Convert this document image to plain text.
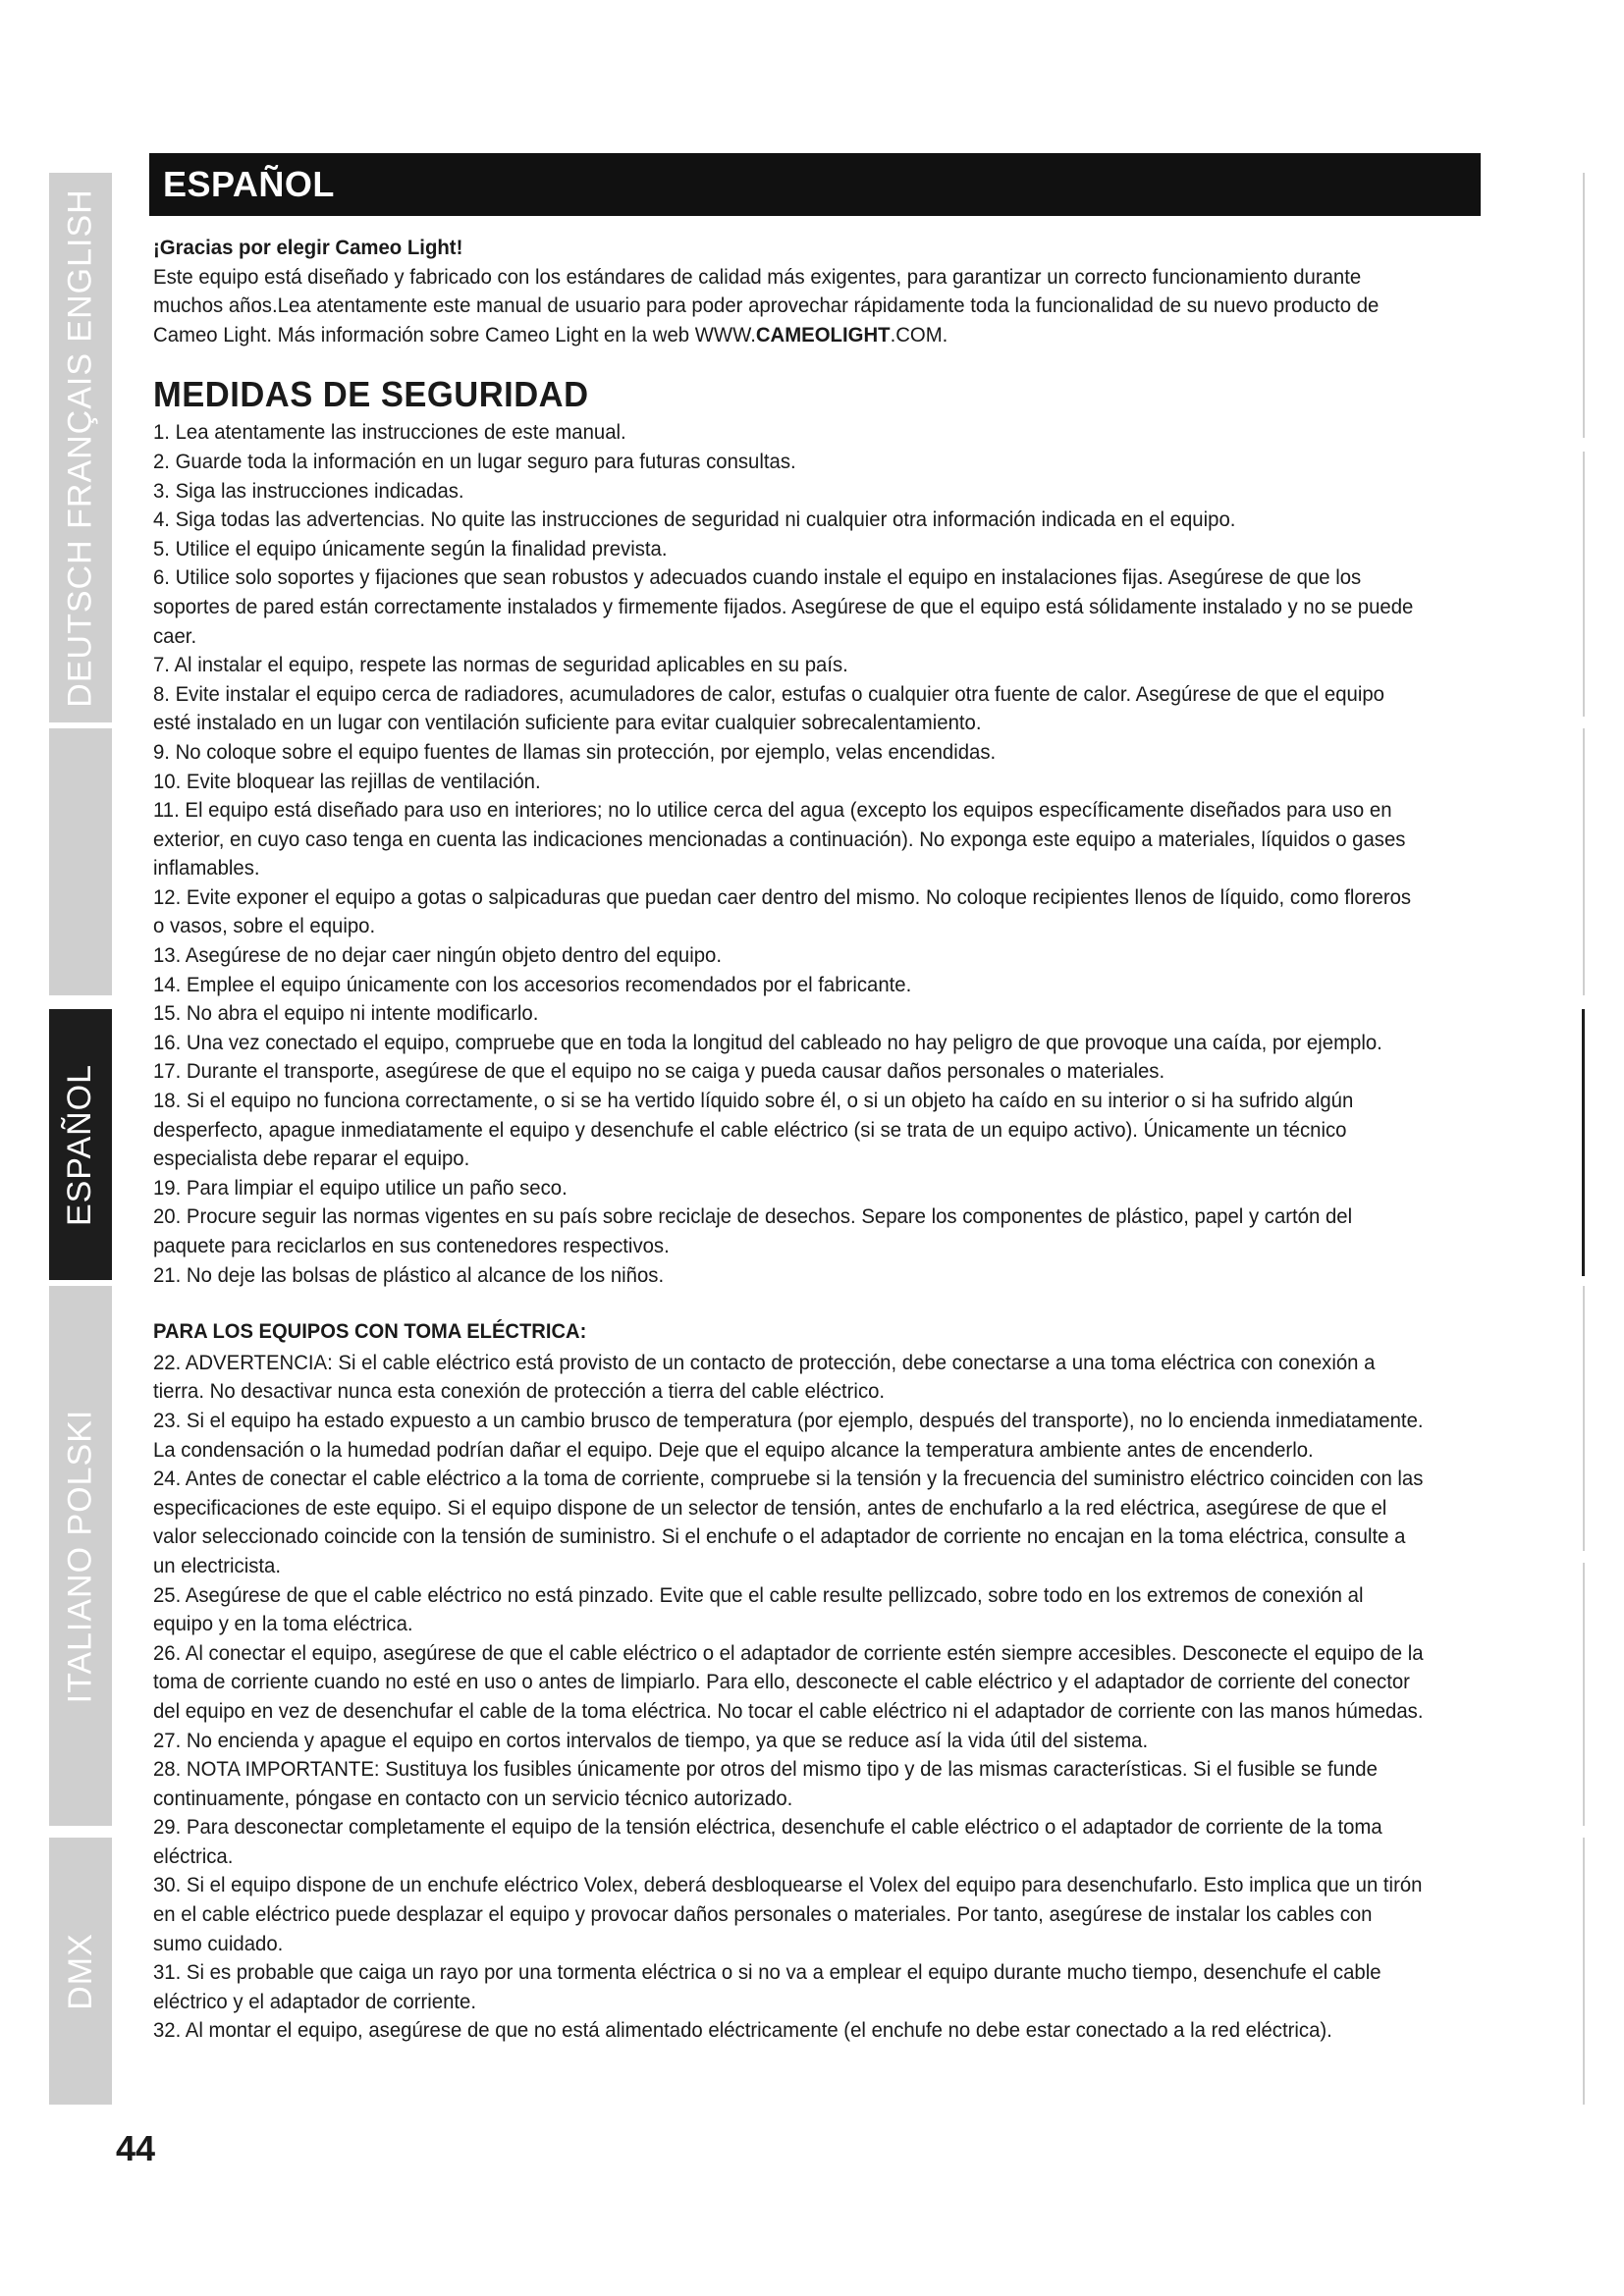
DEUTSCH FRANÇAIS ENGLISH
ESPAÑOL
ITALIANO POLSKI
DMX
ESPAÑOL

¡Gracias por elegir Cameo Light!

Este equipo está diseñado y fabricado con los estándares de calidad más exigentes, para garantizar un correcto funcionamiento durante muchos años.Lea atentamente este manual de usuario para poder aprovechar rápidamente toda la funcionalidad de su nuevo producto de Cameo Light. Más información sobre Cameo Light en la web WWW.CAMEOLIGHT.COM.

MEDIDAS DE SEGURIDAD

1. Lea atentamente las instrucciones de este manual.

2. Guarde toda la información en un lugar seguro para futuras consultas.

3. Siga las instrucciones indicadas.

4. Siga todas las advertencias. No quite las instrucciones de seguridad ni cualquier otra información indicada en el equipo.

5. Utilice el equipo únicamente según la finalidad prevista.

6. Utilice solo soportes y fijaciones que sean robustos y adecuados cuando instale el equipo en instalaciones fijas. Asegúrese de que los soportes de pared están correctamente instalados y firmemente fijados. Asegúrese de que el equipo está sólidamente instalado y no se puede caer.

7. Al instalar el equipo, respete las normas de seguridad aplicables en su país.

8. Evite instalar el equipo cerca de radiadores, acumuladores de calor, estufas o cualquier otra fuente de calor. Asegúrese de que el equipo esté instalado en un lugar con ventilación suficiente para evitar cualquier sobrecalentamiento.

9. No coloque sobre el equipo fuentes de llamas sin protección, por ejemplo, velas encendidas.

10. Evite bloquear las rejillas de ventilación.

11. El equipo está diseñado para uso en interiores; no lo utilice cerca del agua (excepto los equipos específicamente diseñados para uso en exterior, en cuyo caso tenga en cuenta las indicaciones mencionadas a continuación). No exponga este equipo a materiales, líquidos o gases inflamables.

12. Evite exponer el equipo a gotas o salpicaduras que puedan caer dentro del mismo. No coloque recipientes llenos de líquido, como floreros o vasos, sobre el equipo.

13. Asegúrese de no dejar caer ningún objeto dentro del equipo.

14. Emplee el equipo únicamente con los accesorios recomendados por el fabricante.

15. No abra el equipo ni intente modificarlo.

16. Una vez conectado el equipo, compruebe que en toda la longitud del cableado no hay peligro de que provoque una caída, por ejemplo.

17. Durante el transporte, asegúrese de que el equipo no se caiga y pueda causar daños personales o materiales.

18. Si el equipo no funciona correctamente, o si se ha vertido líquido sobre él, o si un objeto ha caído en su interior o si ha sufrido algún desperfecto, apague inmediatamente el equipo y desenchufe el cable eléctrico (si se trata de un equipo activo). Únicamente un técnico especialista debe reparar el equipo.

19. Para limpiar el equipo utilice un paño seco.

20. Procure seguir las normas vigentes en su país sobre reciclaje de desechos. Separe los componentes de plástico, papel y cartón del paquete para reciclarlos en sus contenedores respectivos.

21. No deje las bolsas de plástico al alcance de los niños.

PARA LOS EQUIPOS CON TOMA ELÉCTRICA:

22. ADVERTENCIA: Si el cable eléctrico está provisto de un contacto de protección, debe conectarse a una toma eléctrica con conexión a tierra. No desactivar nunca esta conexión de protección a tierra del cable eléctrico.

23. Si el equipo ha estado expuesto a un cambio brusco de temperatura (por ejemplo, después del transporte), no lo encienda inmediatamente. La condensación o la humedad podrían dañar el equipo. Deje que el equipo alcance la temperatura ambiente antes de encenderlo.

24. Antes de conectar el cable eléctrico a la toma de corriente, compruebe si la tensión y la frecuencia del suministro eléctrico coinciden con las especificaciones de este equipo. Si el equipo dispone de un selector de tensión, antes de enchufarlo a la red eléctrica, asegúrese de que el valor seleccionado coincide con la tensión de suministro. Si el enchufe o el adaptador de corriente no encajan en la toma eléctrica, consulte a un electricista.

25. Asegúrese de que el cable eléctrico no está pinzado. Evite que el cable resulte pellizcado, sobre todo en los extremos de conexión al equipo y en la toma eléctrica.

26. Al conectar el equipo, asegúrese de que el cable eléctrico o el adaptador de corriente estén siempre accesibles. Desconecte el equipo de la toma de corriente cuando no esté en uso o antes de limpiarlo. Para ello, desconecte el cable eléctrico y el adaptador de corriente del conector del equipo en vez de desenchufar el cable de la toma eléctrica. No tocar el cable eléctrico ni el adaptador de corriente con las manos húmedas.

27. No encienda y apague el equipo en cortos intervalos de tiempo, ya que se reduce así la vida útil del sistema.

28. NOTA IMPORTANTE: Sustituya los fusibles únicamente por otros del mismo tipo y de las mismas características. Si el fusible se funde continuamente, póngase en contacto con un servicio técnico autorizado.

29. Para desconectar completamente el equipo de la tensión eléctrica, desenchufe el cable eléctrico o el adaptador de corriente de la toma eléctrica.

30. Si el equipo dispone de un enchufe eléctrico Volex, deberá desbloquearse el Volex del equipo para desenchufarlo. Esto implica que un tirón en el cable eléctrico puede desplazar el equipo y provocar daños personales o materiales. Por tanto, asegúrese de instalar los cables con sumo cuidado.

31. Si es probable que caiga un rayo por una tormenta eléctrica o si no va a emplear el equipo durante mucho tiempo, desenchufe el cable eléctrico y el adaptador de corriente.

32. Al montar el equipo, asegúrese de que no está alimentado eléctricamente (el enchufe no debe estar conectado a la red eléctrica).

44
